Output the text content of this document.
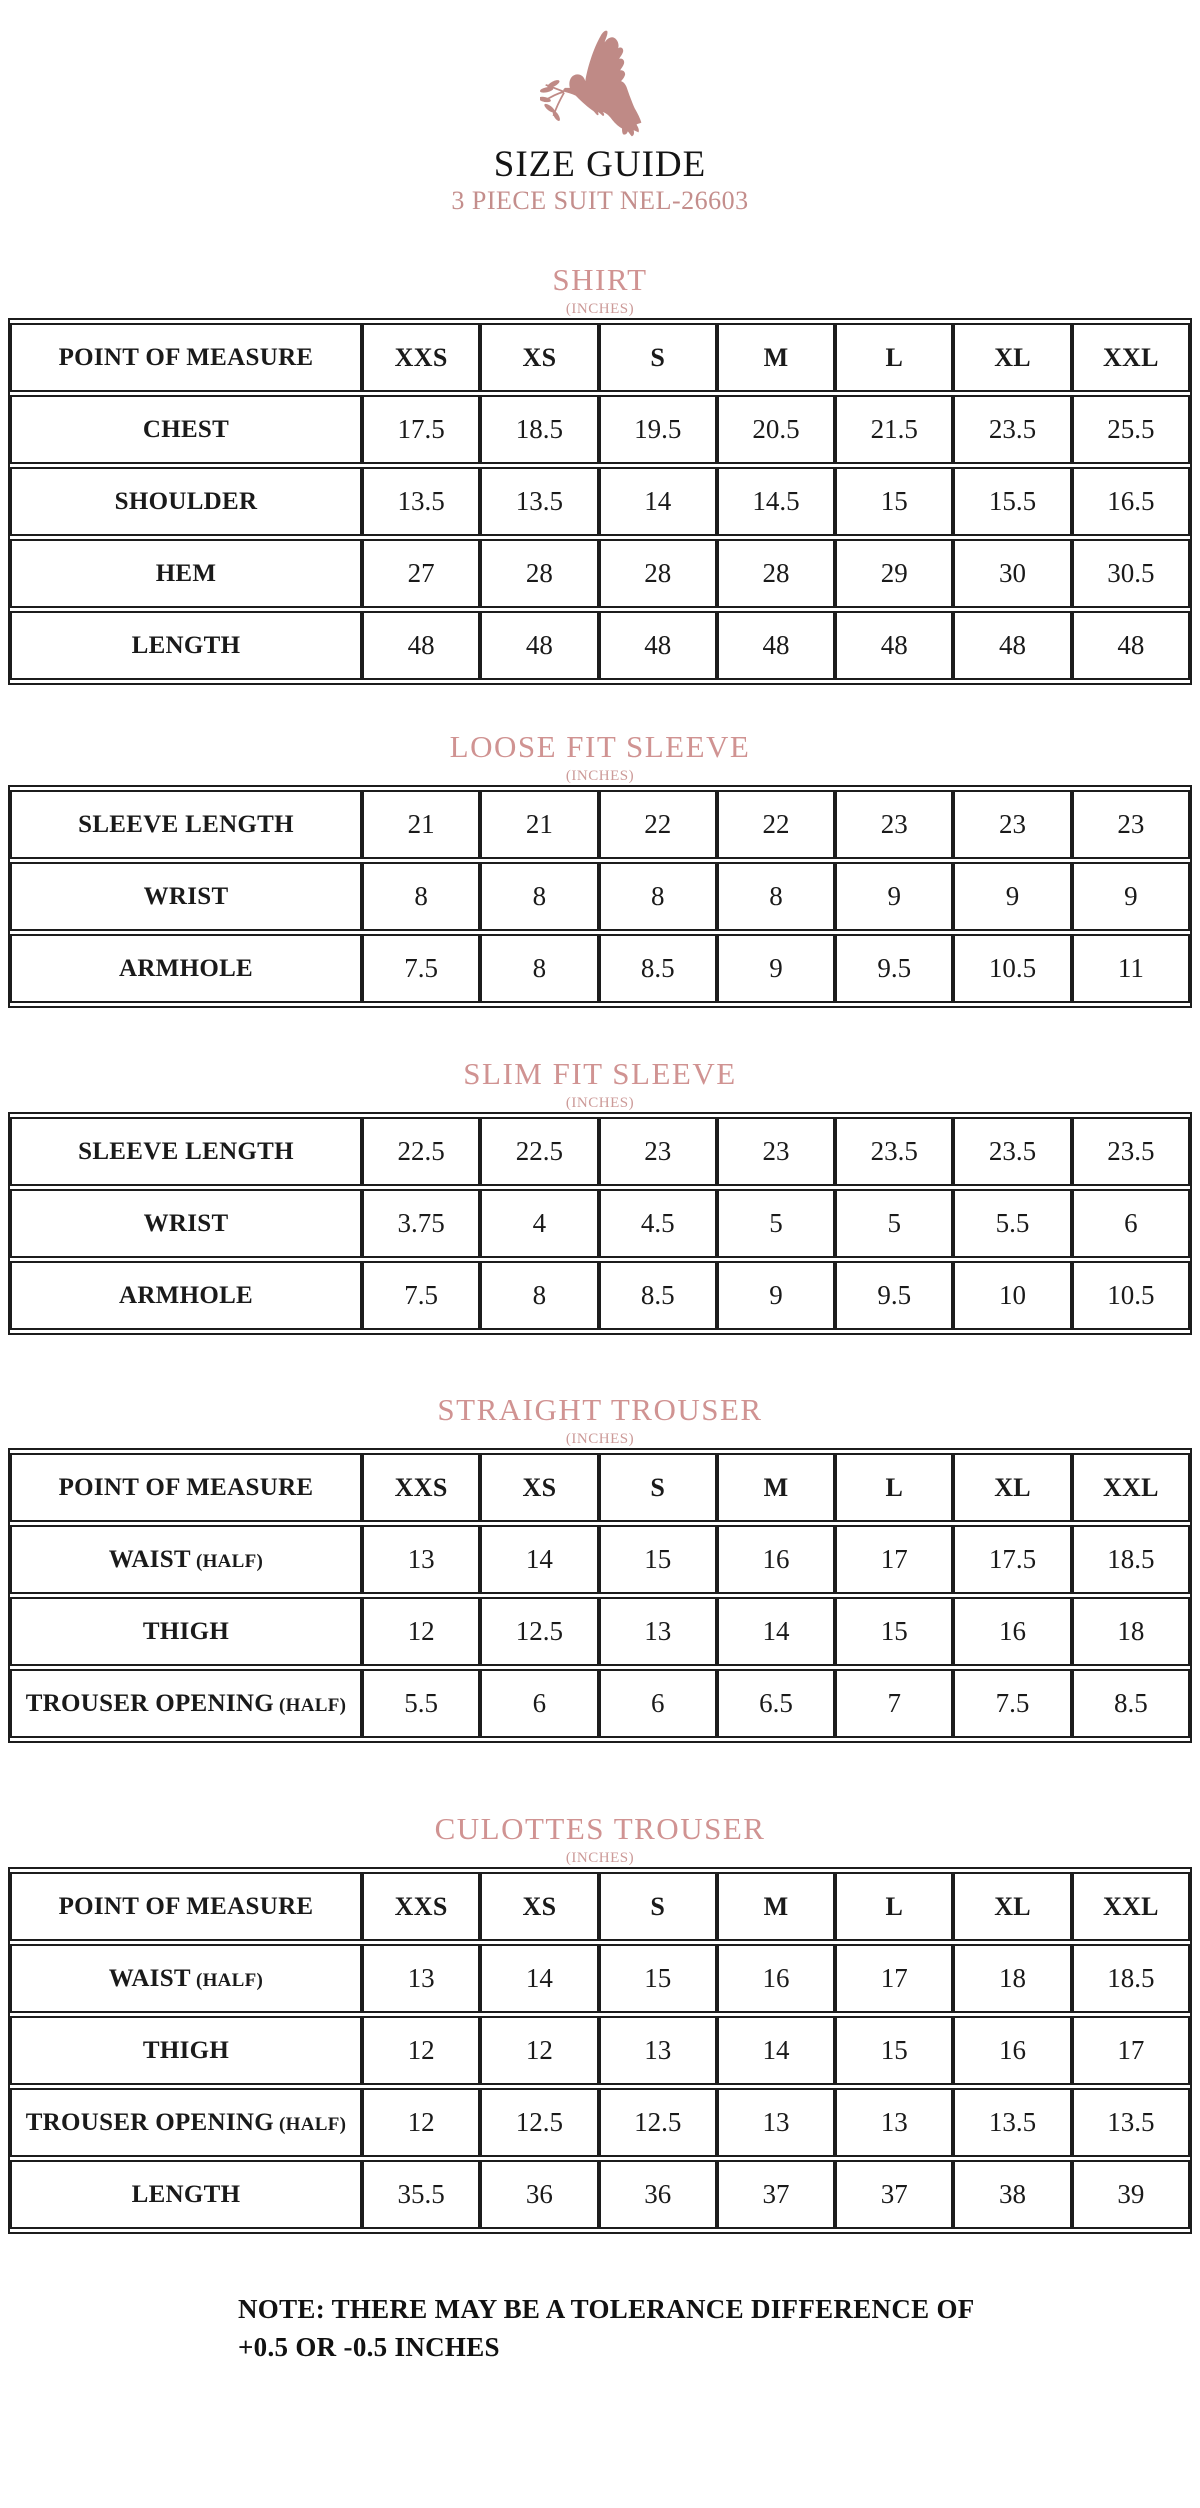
SIZE GUIDE
3 PIECE SUIT NEL-26603
SHIRT
(INCHES)
POINT OF MEASURE	XXS	XS	S	M	L	XL	XXL
CHEST	17.5	18.5	19.5	20.5	21.5	23.5	25.5
SHOULDER	13.5	13.5	14	14.5	15	15.5	16.5
HEM	27	28	28	28	29	30	30.5
LENGTH	48	48	48	48	48	48	48
LOOSE FIT SLEEVE
(INCHES)
SLEEVE LENGTH	21	21	22	22	23	23	23
WRIST	8	8	8	8	9	9	9
ARMHOLE	7.5	8	8.5	9	9.5	10.5	11
SLIM FIT SLEEVE
(INCHES)
SLEEVE LENGTH	22.5	22.5	23	23	23.5	23.5	23.5
WRIST	3.75	4	4.5	5	5	5.5	6
ARMHOLE	7.5	8	8.5	9	9.5	10	10.5
STRAIGHT TROUSER
(INCHES)
POINT OF MEASURE	XXS	XS	S	M	L	XL	XXL
WAIST (HALF)	13	14	15	16	17	17.5	18.5
THIGH	12	12.5	13	14	15	16	18
TROUSER OPENING (HALF)	5.5	6	6	6.5	7	7.5	8.5
CULOTTES TROUSER
(INCHES)
POINT OF MEASURE	XXS	XS	S	M	L	XL	XXL
WAIST (HALF)	13	14	15	16	17	18	18.5
THIGH	12	12	13	14	15	16	17
TROUSER OPENING (HALF)	12	12.5	12.5	13	13	13.5	13.5
LENGTH	35.5	36	36	37	37	38	39
NOTE: THERE MAY BE A TOLERANCE DIFFERENCE OF
+0.5 OR -0.5 INCHES
